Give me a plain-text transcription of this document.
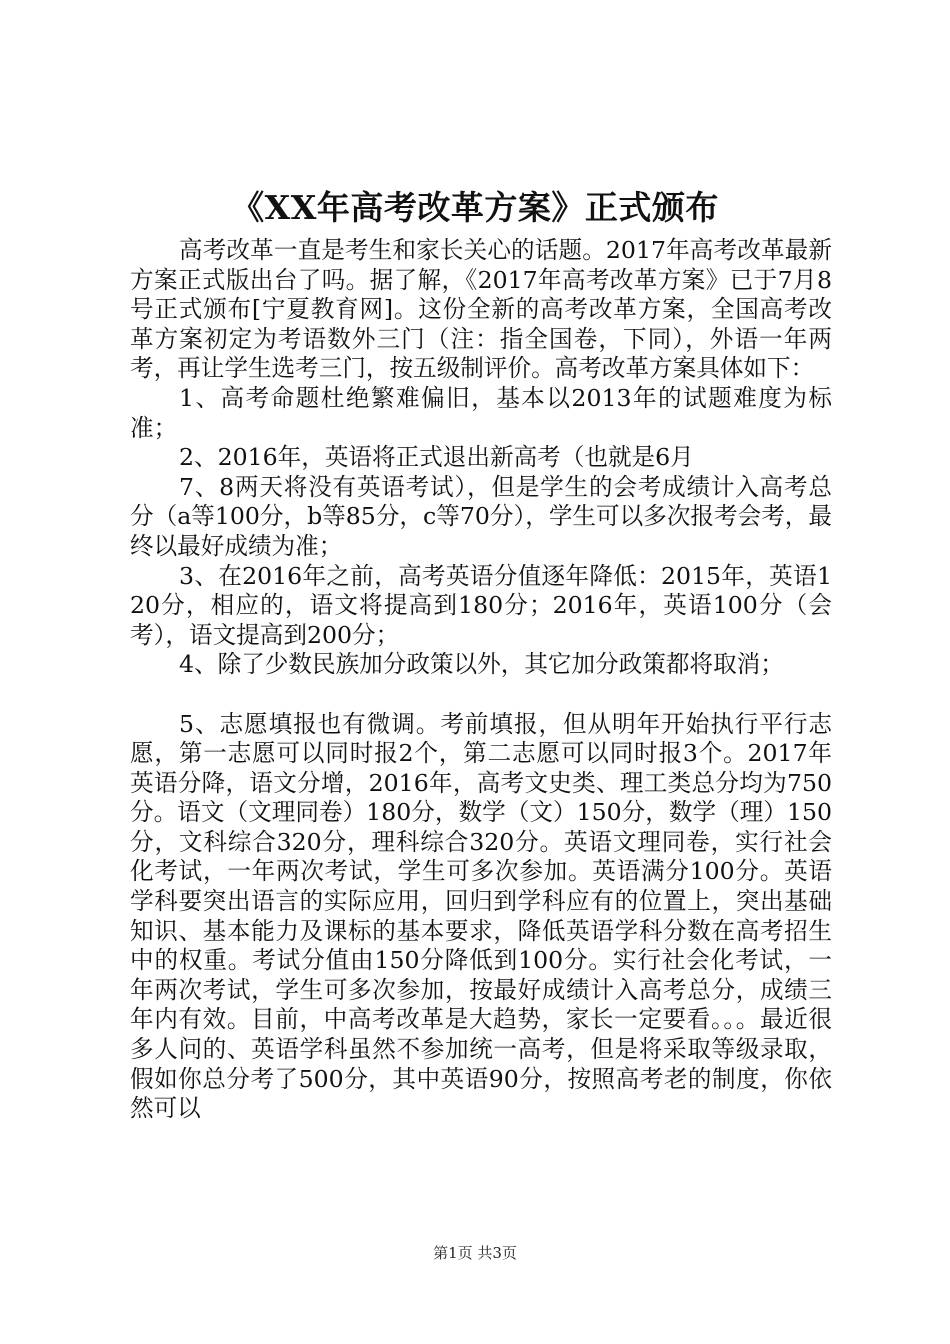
《XX年高考改革方案》正式颁布

高考改革一直是考生和家长关心的话题。2017年高考改革最新方案正式版出台了吗。据了解，《2017年高考改革方案》已于7月8号正式颁布[宁夏教育网]。这份全新的高考改革方案，全国高考改革方案初定为考语数外三门（注：指全国卷，下同），外语一年两考，再让学生选考三门，按五级制评价。高考改革方案具体如下：

1、高考命题杜绝繁难偏旧，基本以2013年的试题难度为标准；

2、2016年，英语将正式退出新高考（也就是6月

7、8两天将没有英语考试），但是学生的会考成绩计入高考总分（a等100分，b等85分，c等70分），学生可以多次报考会考，最终以最好成绩为准；

3、在2016年之前，高考英语分值逐年降低：2015年，英语120分，相应的，语文将提高到180分；2016年，英语100分（会考），语文提高到200分；

4、除了少数民族加分政策以外，其它加分政策都将取消；

5、志愿填报也有微调。考前填报，但从明年开始执行平行志愿，第一志愿可以同时报2个，第二志愿可以同时报3个。2017年英语分降，语文分增，2016年，高考文史类、理工类总分均为750分。语文（文理同卷）180分，数学（文）150分，数学（理）150分，文科综合320分，理科综合320分。英语文理同卷，实行社会化考试，一年两次考试，学生可多次参加。英语满分100分。英语学科要突出语言的实际应用，回归到学科应有的位置上，突出基础知识、基本能力及课标的基本要求，降低英语学科分数在高考招生中的权重。考试分值由150分降低到100分。实行社会化考试，一年两次考试，学生可多次参加，按最好成绩计入高考总分，成绩三年内有效。目前，中高考改革是大趋势，家长一定要看。。。最近很多人问的、英语学科虽然不参加统一高考，但是将采取等级录取，假如你总分考了500分，其中英语90分，按照高考老的制度，你依然可以

第1页 共3页
